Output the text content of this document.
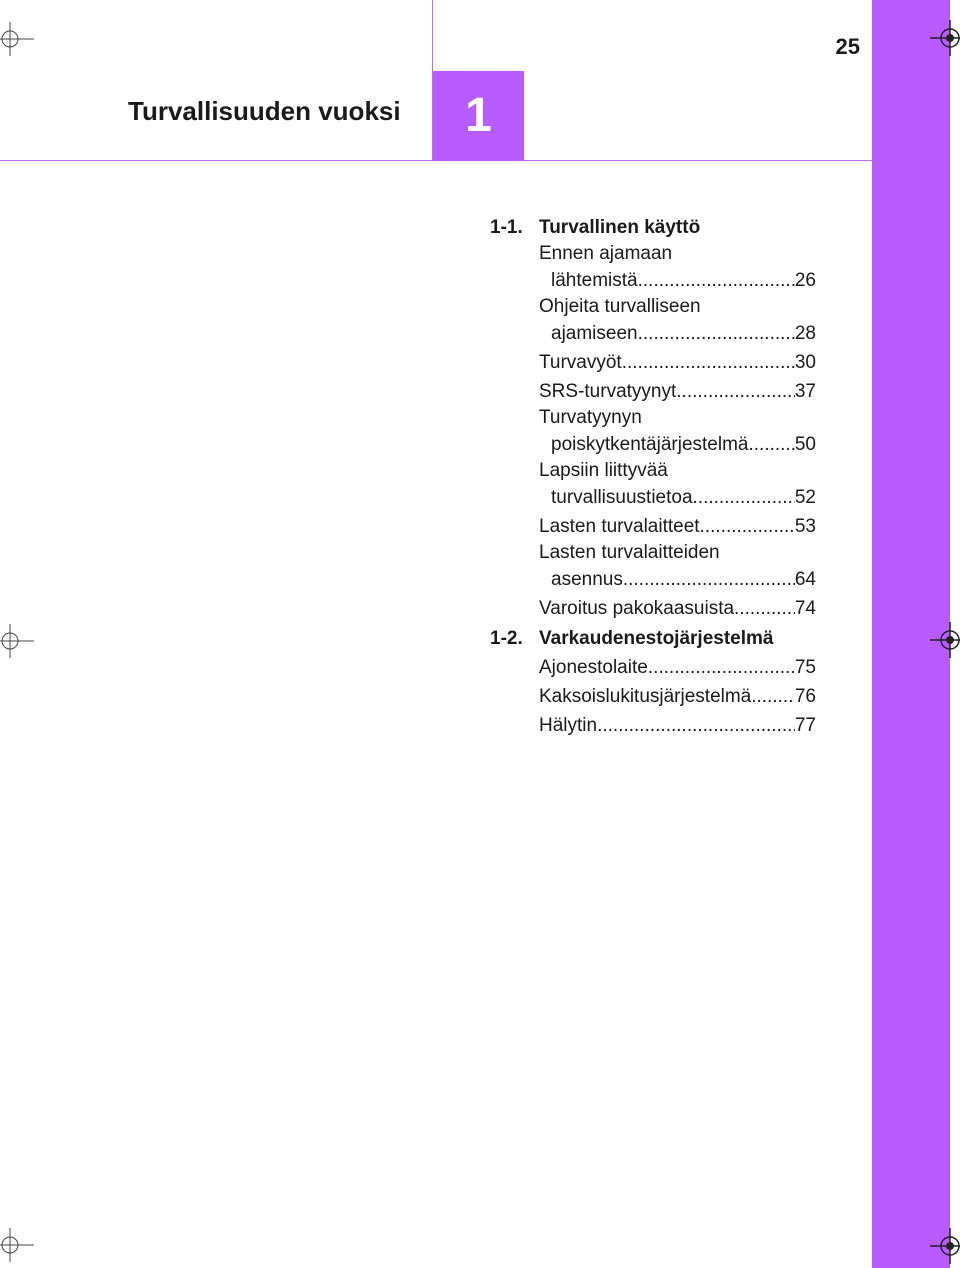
1
Turvallisuuden vuoksi
25
1-1. Turvallinen käyttö
Ennen ajamaan
lähtemistä .....	26
Ohjeita turvalliseen
ajamiseen .....	28
Turvavyöt .....	30
SRS-turvatyynyt .....	37
Turvatyynyn
poiskytkentäjärjestelmä ..... 50
Lapsiin liittyvää
turvallisuustietoa .....	52
Lasten turvalaitteet .....	53
Lasten turvalaitteiden
asennus .....	64
Varoitus pakokaasuista .....	74
1-2. Varkaudenestojärjestelmä
Ajonestolaite .....	75
Kaksoislukitusjärjestelmä ..... 76
Hälytin .....	77
